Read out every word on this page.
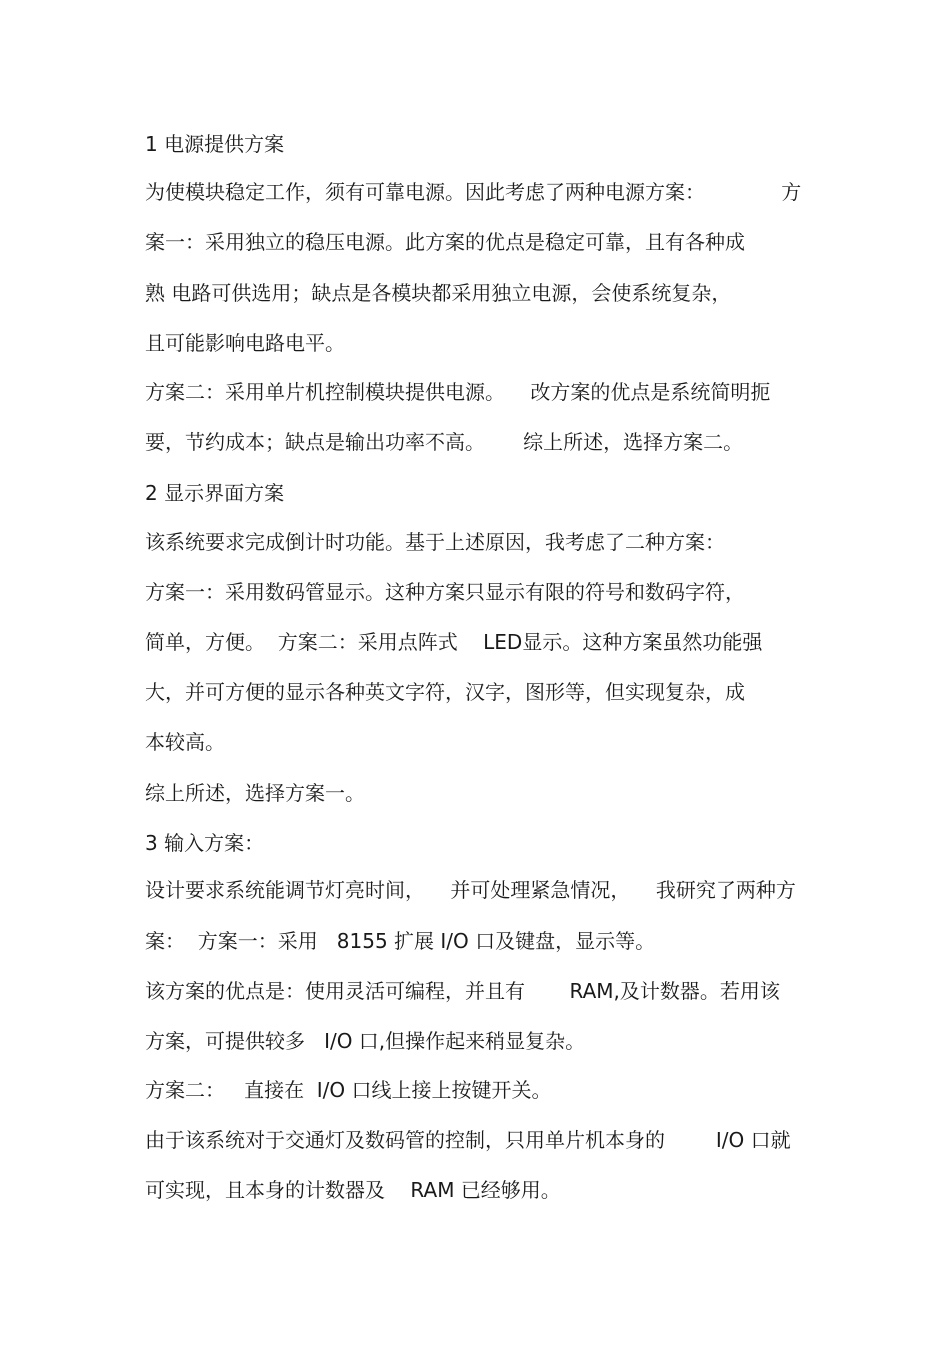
1 电源提供方案

为使模块稳定工作，须有可靠电源。因此考虑了两种电源方案：            方

案一：采用独立的稳压电源。此方案的优点是稳定可靠，且有各种成

熟 电路可供选用；缺点是各模块都采用独立电源，会使系统复杂，

且可能影响电路电平。

方案二：采用单片机控制模块提供电源。    改方案的优点是系统简明扼

要，节约成本；缺点是输出功率不高。      综上所述，选择方案二。

2 显示界面方案

该系统要求完成倒计时功能。基于上述原因，我考虑了二种方案：

方案一：采用数码管显示。这种方案只显示有限的符号和数码字符，

简单，方便。  方案二：采用点阵式    LED显示。这种方案虽然功能强

大，并可方便的显示各种英文字符，汉字，图形等，但实现复杂，成

本较高。

综上所述，选择方案一。

3 输入方案：

设计要求系统能调节灯亮时间，    并可处理紧急情况，    我研究了两种方

案：  方案一：采用   8155 扩展 I/O 口及键盘，显示等。

该方案的优点是：使用灵活可编程，并且有       RAM,及计数器。若用该

方案，可提供较多   I/O 口,但操作起来稍显复杂。

方案二：   直接在  I/O 口线上接上按键开关。

由于该系统对于交通灯及数码管的控制，只用单片机本身的        I/O 口就

可实现，且本身的计数器及    RAM 已经够用。
